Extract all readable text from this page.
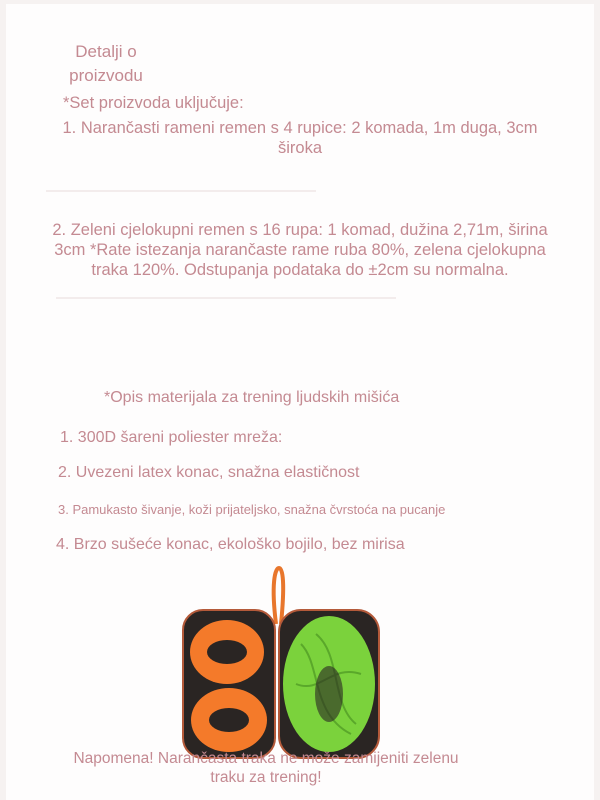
Detalji o
proizvodu
*Set proizvoda uključuje:
1. Narančasti rameni remen s 4 rupice: 2 komada, 1m duga, 3cm
široka
2. Zeleni cjelokupni remen s 16 rupa: 1 komad, dužina 2,71m, širina
3cm *Rate istezanja narančaste rame ruba 80%, zelena cjelokupna
traka 120%. Odstupanja podataka do ±2cm su normalna.
*Opis materijala za trening ljudskih mišića
1. 300D šareni poliester mreža:
2. Uvezeni latex konac, snažna elastičnost
3. Pamukasto šivanje, koži prijateljsko, snažna čvrstoća na pucanje
4. Brzo sušeće konac, ekološko bojilo, bez mirisa
Napomena! Narančasta traka ne može zamijeniti zelenu
traku za trening!
